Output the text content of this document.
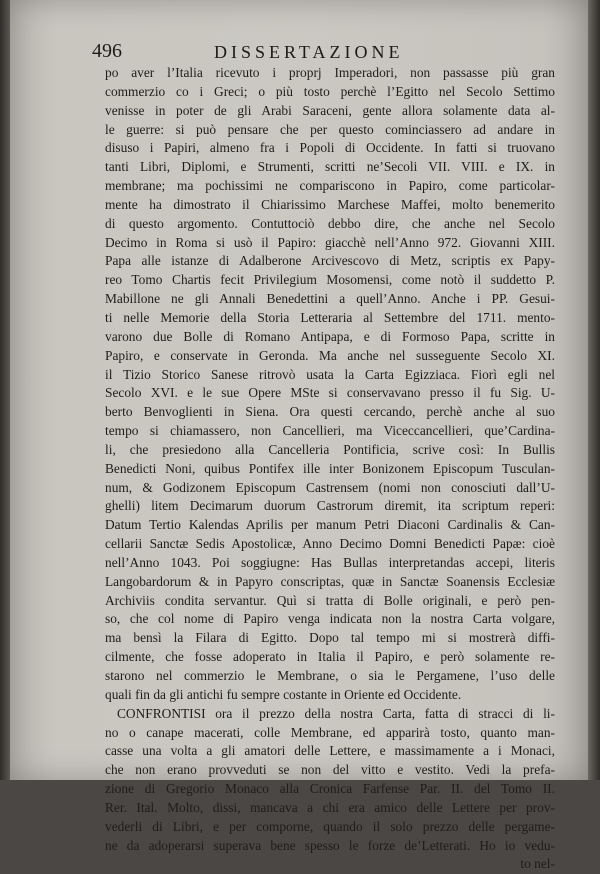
496	DISSERTAZIONE
po aver l’Italia ricevuto i proprj Imperadori, non passasse più gran
commerzio co i Greci; o più tosto perchè l’Egitto nel Secolo Settimo
venisse in poter de gli Arabi Saraceni, gente allora solamente data al-
le guerre: si può pensare che per questo cominciassero ad andare in
disuso i Papiri, almeno fra i Popoli di Occidente. In fatti si truovano
tanti Libri, Diplomi, e Strumenti, scritti ne’Secoli VII. VIII. e IX. in
membrane; ma pochissimi ne compariscono in Papiro, come particolar-
mente ha dimostrato il Chiarissimo Marchese Maffei, molto benemerito
di questo argomento. Contuttociò debbo dire, che anche nel Secolo
Decimo in Roma si usò il Papiro: giacchè nell’Anno 972. Giovanni XIII.
Papa alle istanze di Adalberone Arcivescovo di Metz, scriptis ex Papy-
reo Tomo Chartis fecit Privilegium Mosomensi, come notò il suddetto P.
Mabillone ne gli Annali Benedettini a quell’Anno. Anche i PP. Gesui-
ti nelle Memorie della Storia Letteraria al Settembre del 1711. mento-
varono due Bolle di Romano Antipapa, e di Formoso Papa, scritte in
Papiro, e conservate in Geronda. Ma anche nel susseguente Secolo XI.
il Tizio Storico Sanese ritrovò usata la Carta Egizziaca. Fiorì egli nel
Secolo XVI. e le sue Opere MSte si conservavano presso il fu Sig. U-
berto Benvoglienti in Siena. Ora questi cercando, perchè anche al suo
tempo si chiamassero, non Cancellieri, ma Viceccancellieri, que’Cardina-
li, che presiedono alla Cancelleria Pontificia, scrive così: In Bullis
Benedicti Noni, quibus Pontifex ille inter Bonizonem Episcopum Tusculan-
num, & Godizonem Episcopum Castrensem (nomi non conosciuti dall’U-
ghelli) litem Decimarum duorum Castrorum diremit, ita scriptum reperi:
Datum Tertio Kalendas Aprilis per manum Petri Diaconi Cardinalis & Can-
cellarii Sanctæ Sedis Apostolicæ, Anno Decimo Domni Benedicti Papæ: cioè
nell’Anno 1043. Poi soggiugne: Has Bullas interpretandas accepi, literis
Langobardorum & in Papyro conscriptas, quæ in Sanctæ Soanensis Ecclesiæ
Archiviis condita servantur. Quì si tratta di Bolle originali, e però pen-
so, che col nome di Papiro venga indicata non la nostra Carta volgare,
ma bensì la Filara di Egitto. Dopo tal tempo mi si mostrerà diffi-
cilmente, che fosse adoperato in Italia il Papiro, e però solamente re-
starono nel commerzio le Membrane, o sia le Pergamene, l’uso delle
quali fin da gli antichi fu sempre costante in Oriente ed Occidente.
CONFRONTISI ora il prezzo della nostra Carta, fatta di stracci di li-
no o canape macerati, colle Membrane, ed apparirà tosto, quanto man-
casse una volta a gli amatori delle Lettere, e massimamente a i Monaci,
che non erano provveduti se non del vitto e vestito. Vedi la prefa-
zione di Gregorio Monaco alla Cronica Farfense Par. II. del Tomo II.
Rer. Ital. Molto, dissi, mancava a chi era amico delle Lettere per prov-
vederli di Libri, e per comporne, quando il solo prezzo delle pergame-
ne da adoperarsi superava bene spesso le forze de’Letterati. Ho io vedu-
to nel-
